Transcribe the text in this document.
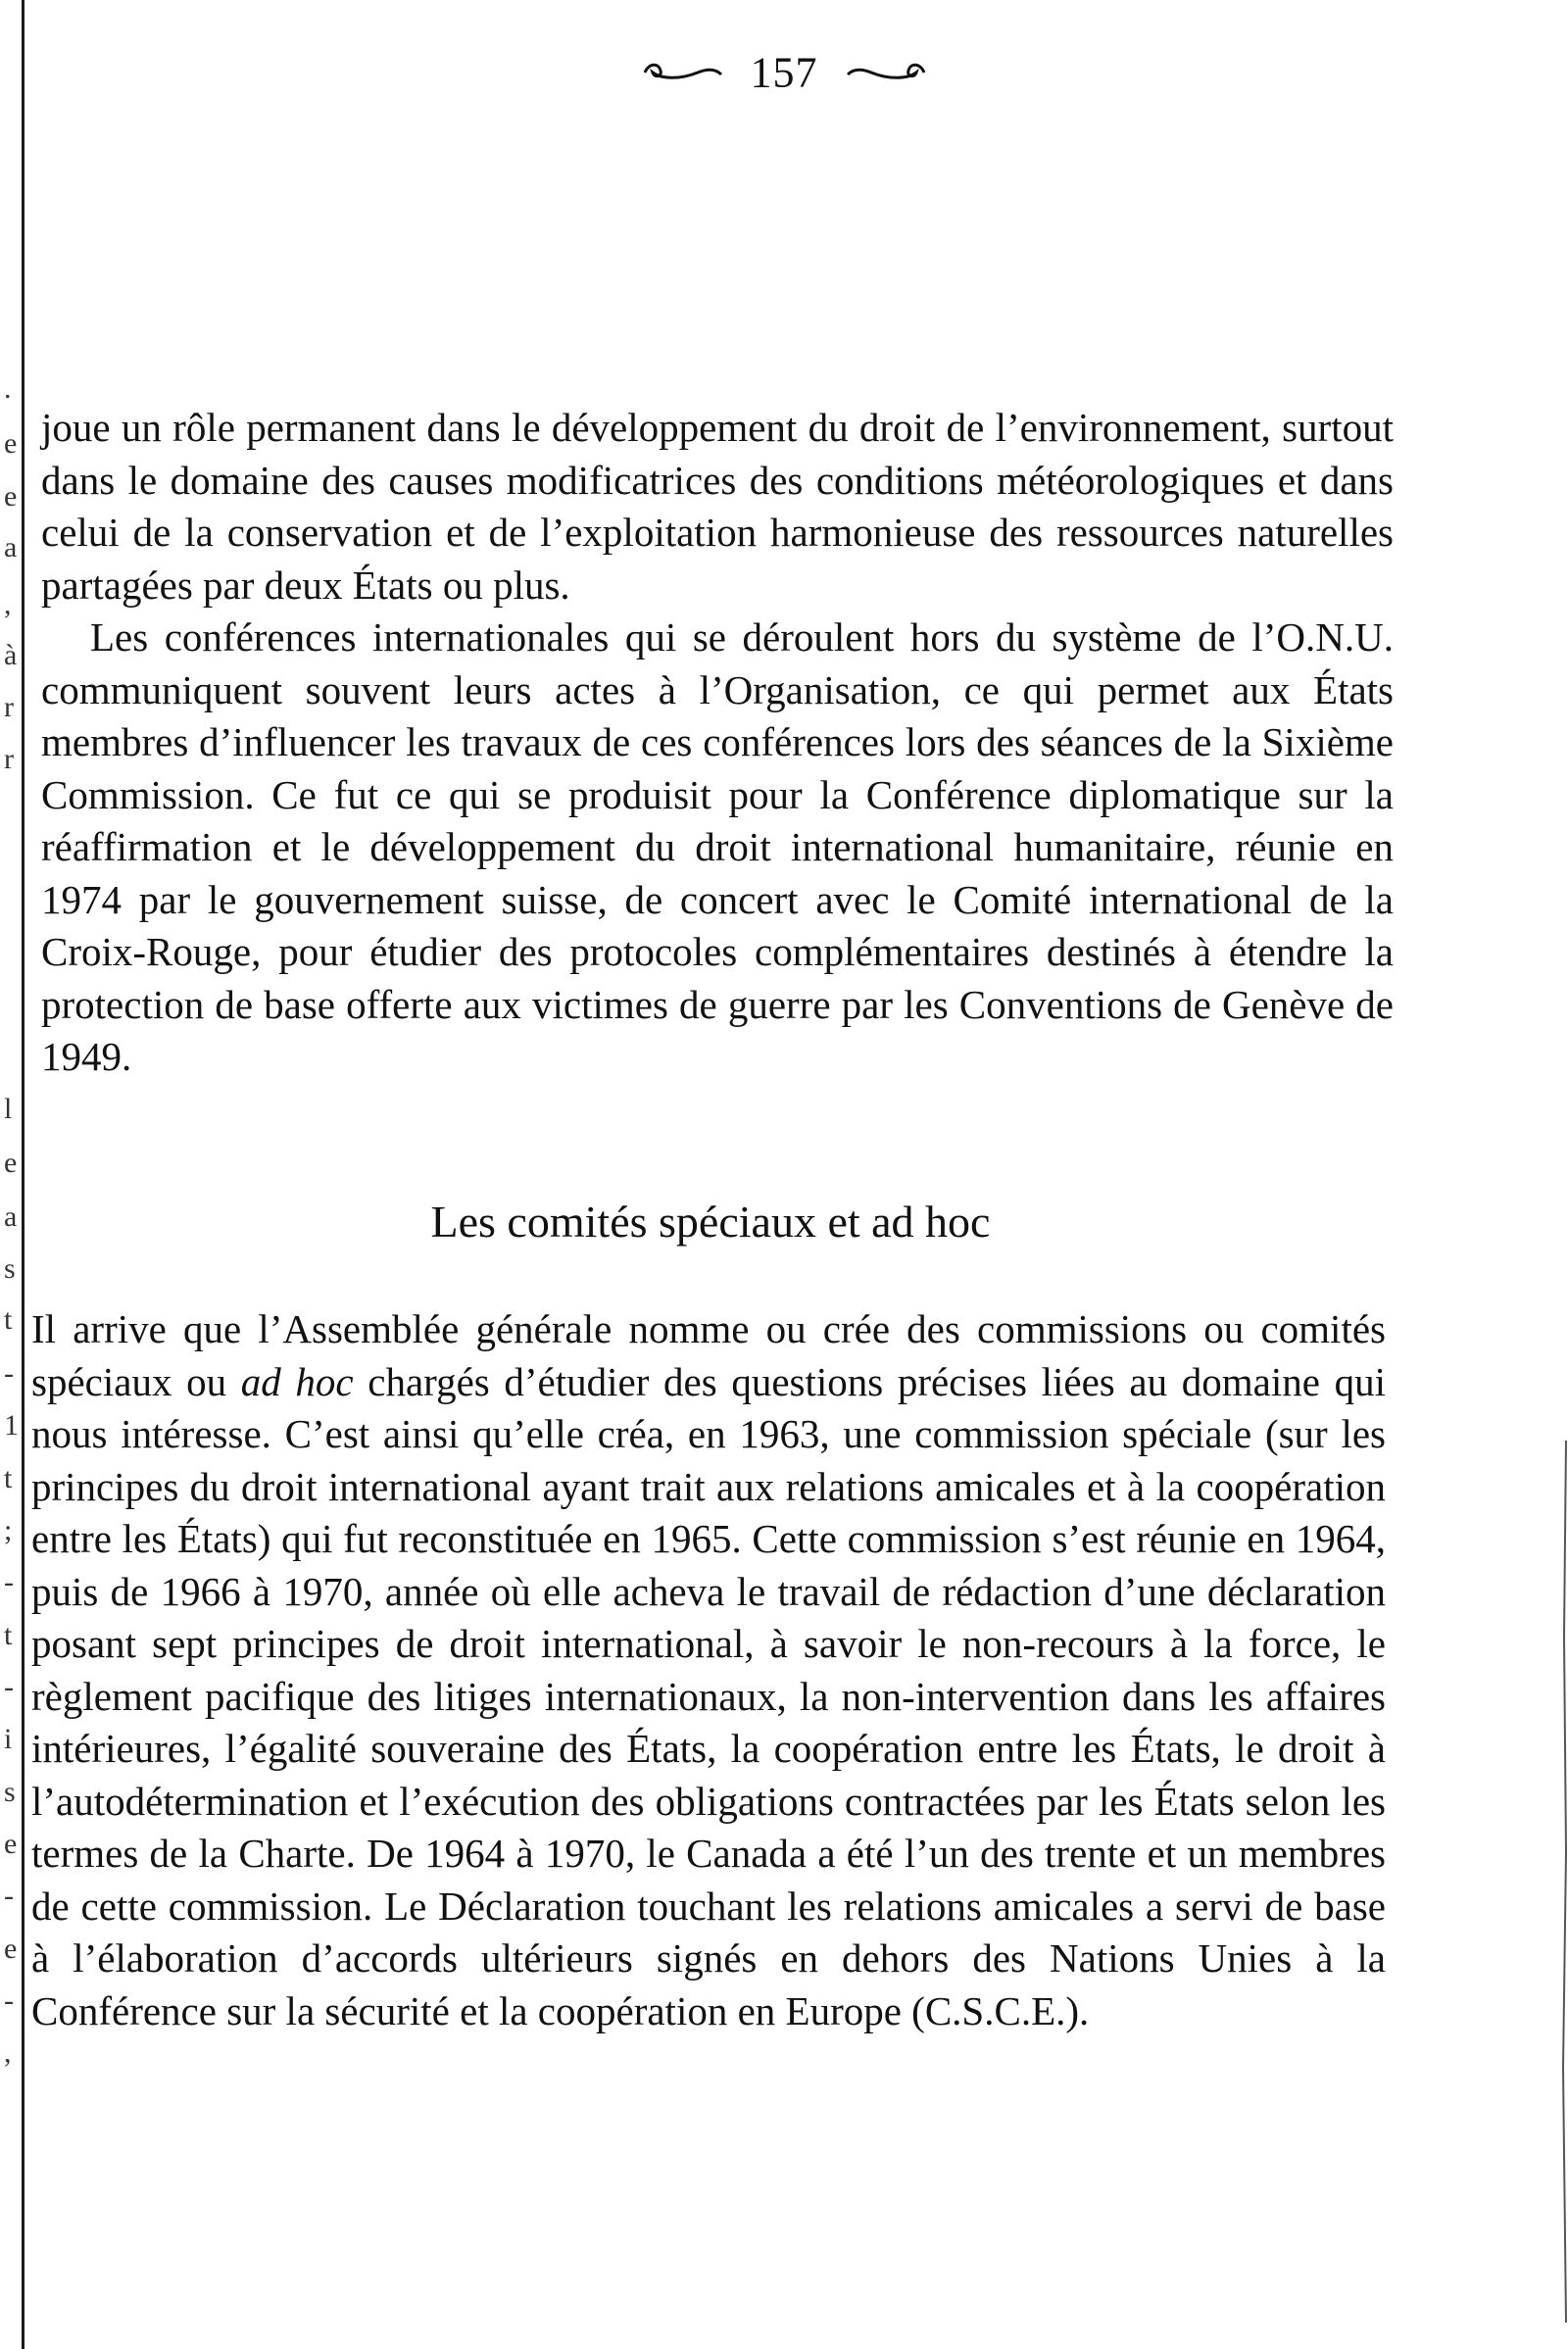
.
e
e
a
,
à
r
r
l
e
a
s
t
-
1
t
;
-
t
-
i
s
e
-
e
-
,
157

joue un rôle permanent dans le développement du droit de l’environnement, surtout dans le domaine des causes modificatrices des conditions météorologiques et dans celui de la conservation et de l’exploitation harmonieuse des ressources naturelles partagées par deux États ou plus.

Les conférences internationales qui se déroulent hors du système de l’O.N.U. communiquent souvent leurs actes à l’Organisation, ce qui permet aux États membres d’influencer les travaux de ces conférences lors des séances de la Sixième Commission. Ce fut ce qui se produisit pour la Conférence diplomatique sur la réaffirmation et le développement du droit international humanitaire, réunie en 1974 par le gouvernement suisse, de concert avec le Comité international de la Croix-Rouge, pour étudier des protocoles complémentaires destinés à étendre la protection de base offerte aux victimes de guerre par les Conventions de Genève de 1949.

Les comités spéciaux et ad hoc

Il arrive que l’Assemblée générale nomme ou crée des commissions ou comités spéciaux ou ad hoc chargés d’étudier des questions précises liées au domaine qui nous intéresse. C’est ainsi qu’elle créa, en 1963, une commission spéciale (sur les principes du droit international ayant trait aux relations amicales et à la coopération entre les États) qui fut reconstituée en 1965. Cette commission s’est réunie en 1964, puis de 1966 à 1970, année où elle acheva le travail de rédaction d’une déclaration posant sept principes de droit international, à savoir le non-recours à la force, le règlement pacifique des litiges internationaux, la non-intervention dans les affaires intérieures, l’égalité souveraine des États, la coopération entre les États, le droit à l’autodétermination et l’exécution des obligations contractées par les États selon les termes de la Charte. De 1964 à 1970, le Canada a été l’un des trente et un membres de cette commission. Le Déclaration touchant les relations amicales a servi de base à l’élaboration d’accords ultérieurs signés en dehors des Nations Unies à la Conférence sur la sécurité et la coopération en Europe (C.S.C.E.).
